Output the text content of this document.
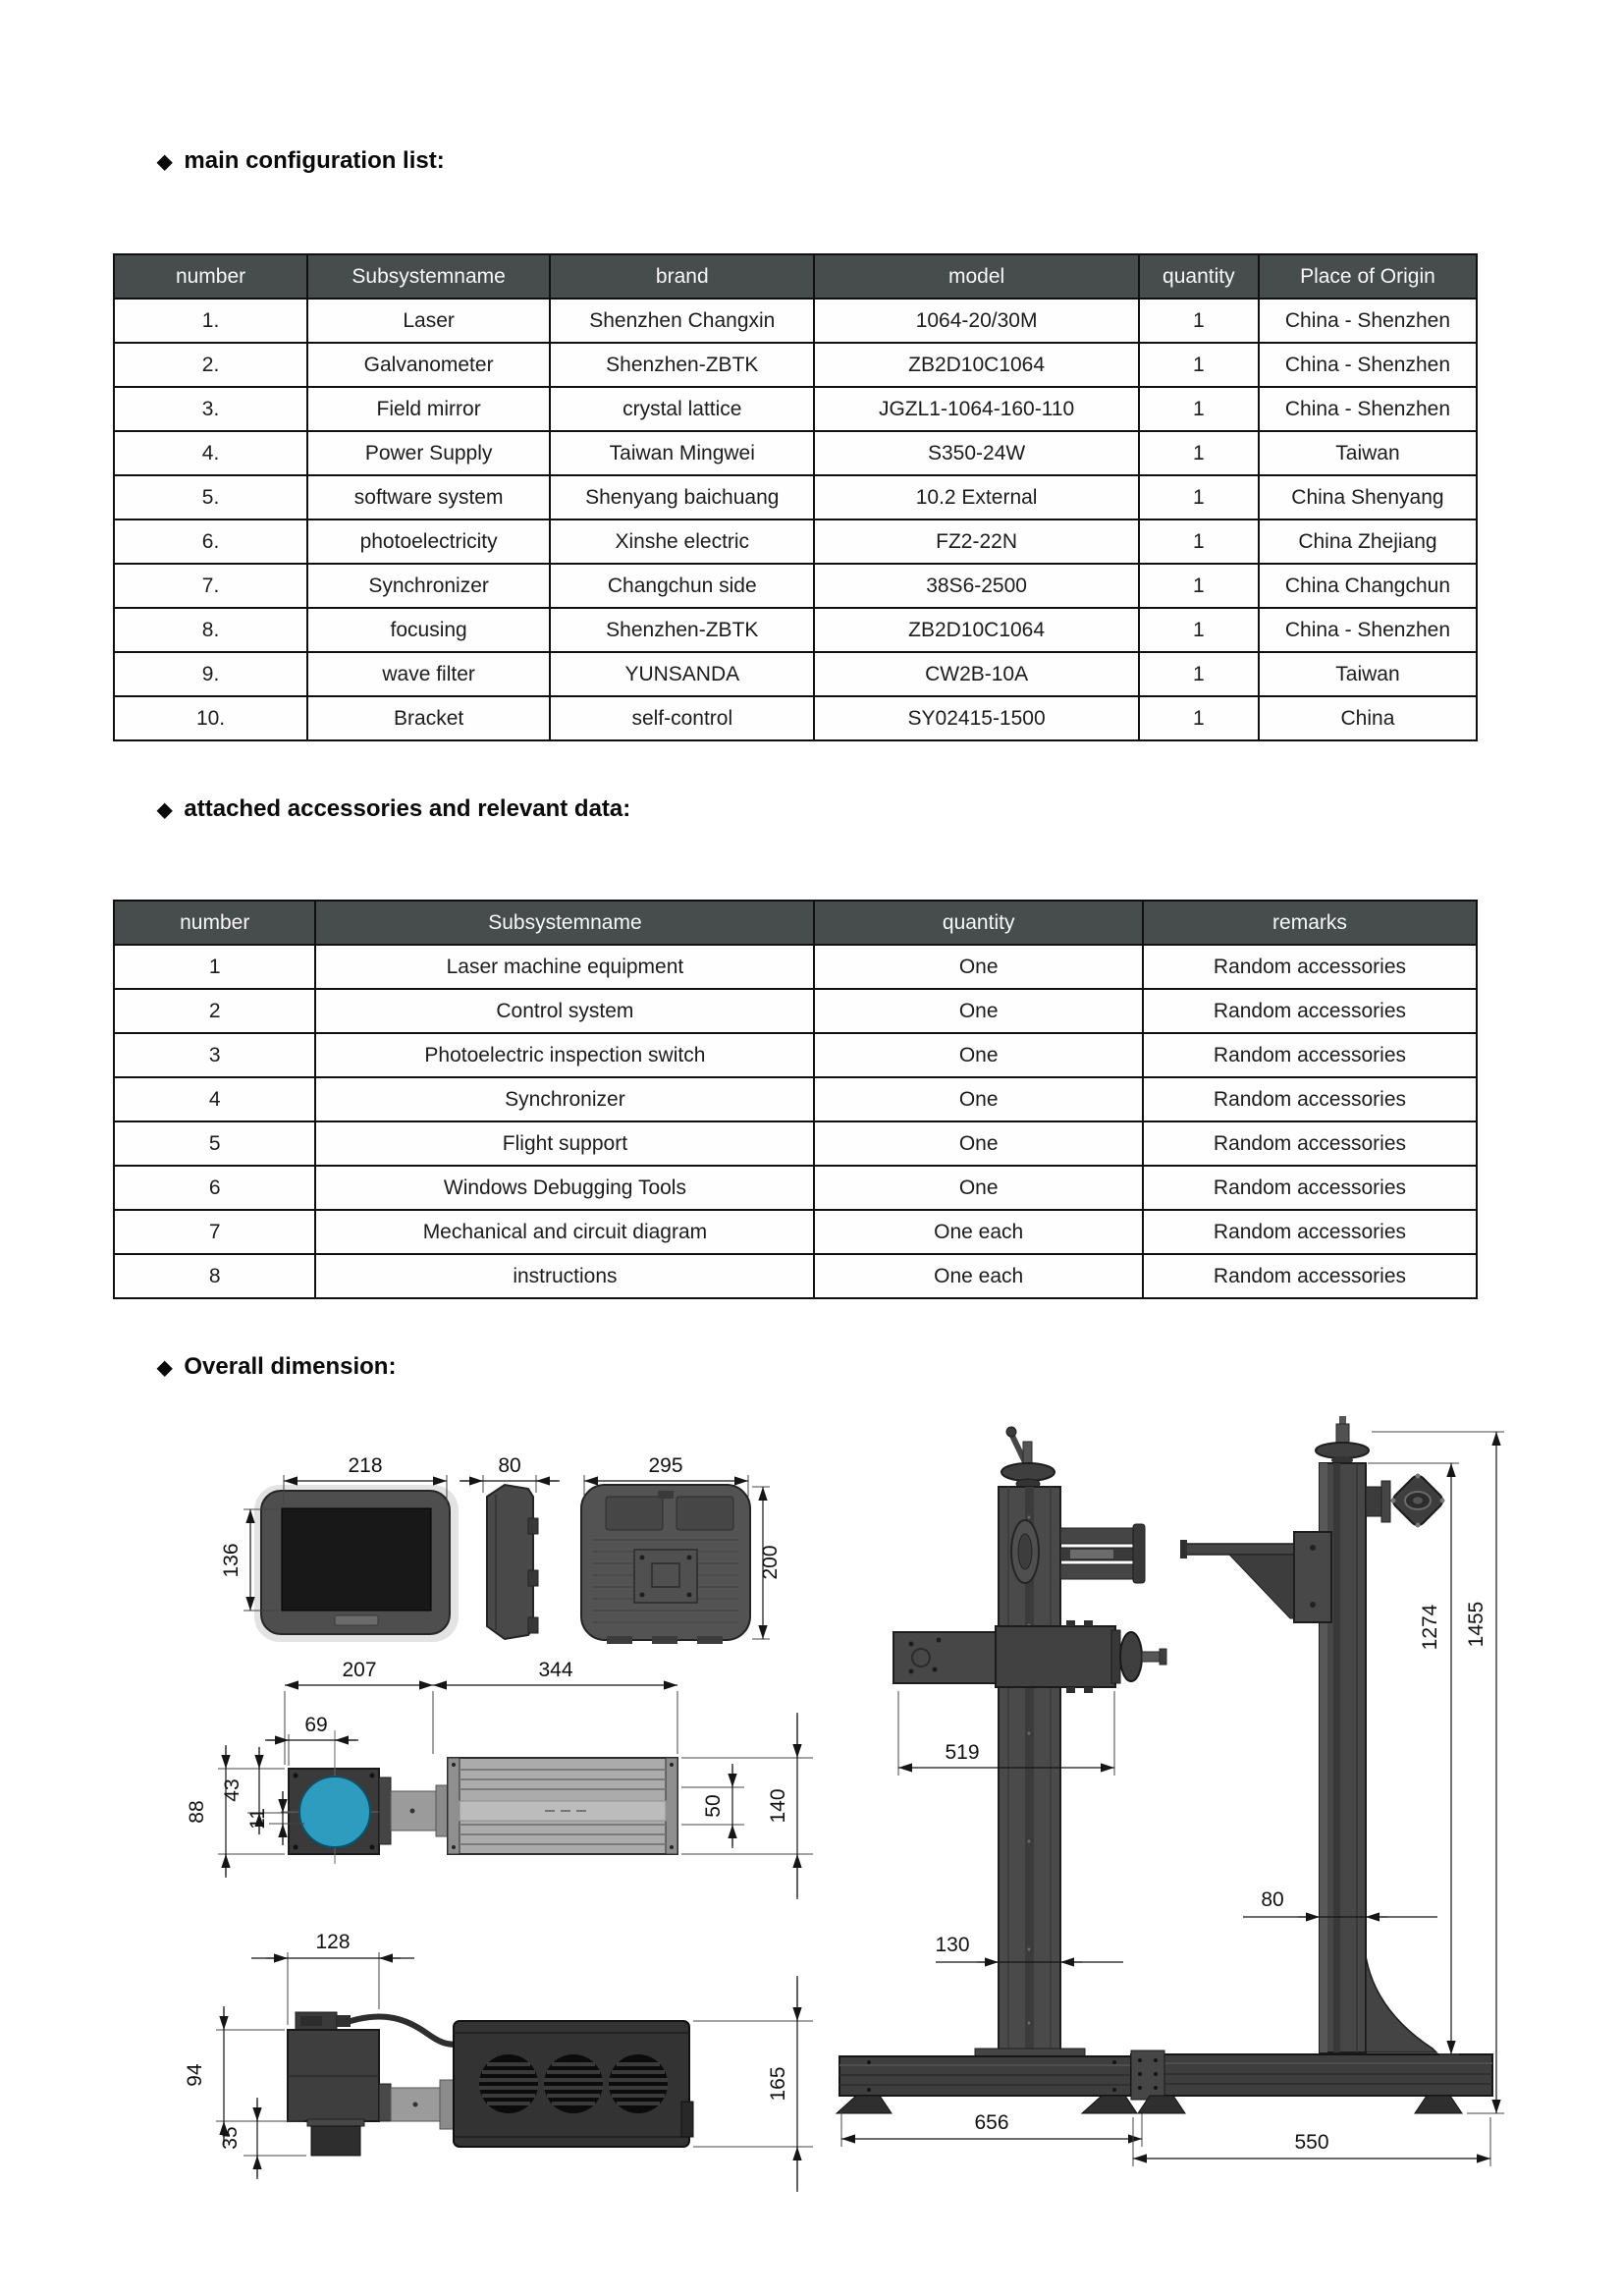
◆ main configuration list:
number	Subsystemname	brand	model	quantity	Place of Origin
1.	Laser	Shenzhen Changxin	1064-20/30M	1	China - Shenzhen
2.	Galvanometer	Shenzhen-ZBTK	ZB2D10C1064	1	China - Shenzhen
3.	Field mirror	crystal lattice	JGZL1-1064-160-110	1	China - Shenzhen
4.	Power Supply	Taiwan Mingwei	S350-24W	1	Taiwan
5.	software system	Shenyang baichuang	10.2 External	1	China Shenyang
6.	photoelectricity	Xinshe electric	FZ2-22N	1	China Zhejiang
7.	Synchronizer	Changchun side	38S6-2500	1	China Changchun
8.	focusing	Shenzhen-ZBTK	ZB2D10C1064	1	China - Shenzhen
9.	wave filter	YUNSANDA	CW2B-10A	1	Taiwan
10.	Bracket	self-control	SY02415-1500	1	China
◆ attached accessories and relevant data:
number	Subsystemname	quantity	remarks
1	Laser machine equipment	One	Random accessories
2	Control system	One	Random accessories
3	Photoelectric inspection switch	One	Random accessories
4	Synchronizer	One	Random accessories
5	Flight support	One	Random accessories
6	Windows Debugging Tools	One	Random accessories
7	Mechanical and circuit diagram	One each	Random accessories
8	instructions	One each	Random accessories
◆ Overall dimension:
218
136
80	295
200
207	344
69
88
43
11
50 140
128
94
35
165
519
130
656
80
1274 1455
550
